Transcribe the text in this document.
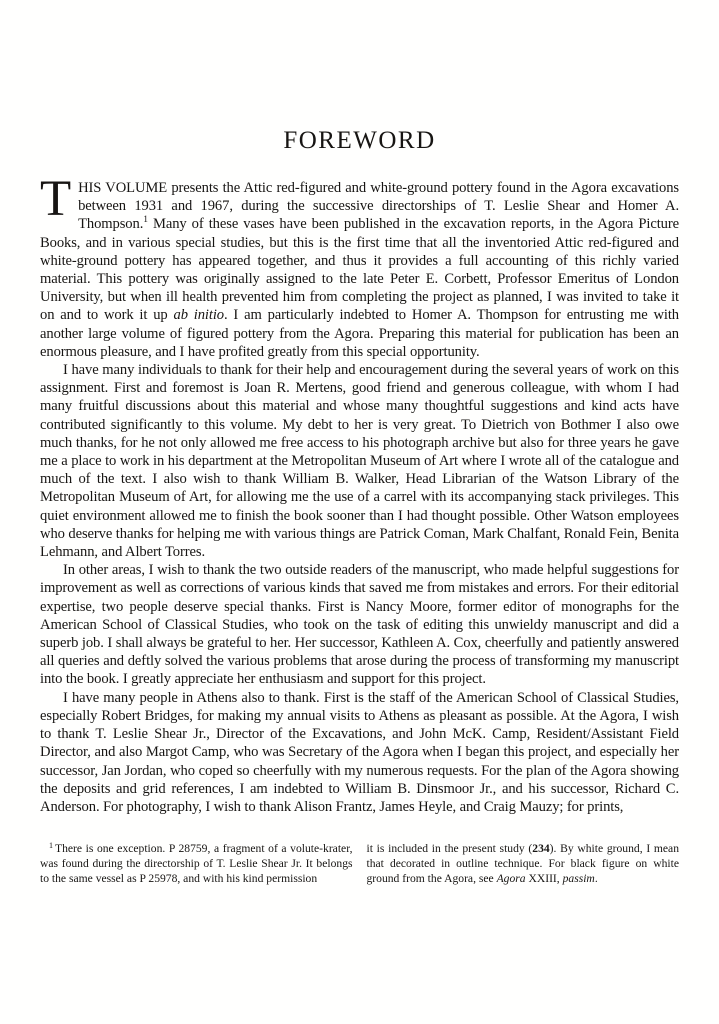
FOREWORD

THIS VOLUME presents the Attic red-figured and white-ground pottery found in the Agora excavations between 1931 and 1967, during the successive directorships of T. Leslie Shear and Homer A. Thompson.$^1$ Many of these vases have been published in the excavation reports, in the Agora Picture Books, and in various special studies, but this is the first time that all the inventoried Attic red-figured and white-ground pottery has appeared together, and thus it provides a full accounting of this richly varied material. This pottery was originally assigned to the late Peter E. Corbett, Professor Emeritus of London University, but when ill health prevented him from completing the project as planned, I was invited to take it on and to work it up ab initio. I am particularly indebted to Homer A. Thompson for entrusting me with another large volume of figured pottery from the Agora. Preparing this material for publication has been an enormous pleasure, and I have profited greatly from this special opportunity.

I have many individuals to thank for their help and encouragement during the several years of work on this assignment. First and foremost is Joan R. Mertens, good friend and generous colleague, with whom I had many fruitful discussions about this material and whose many thoughtful suggestions and kind acts have contributed significantly to this volume. My debt to her is very great. To Dietrich von Bothmer I also owe much thanks, for he not only allowed me free access to his photograph archive but also for three years he gave me a place to work in his department at the Metropolitan Museum of Art where I wrote all of the catalogue and much of the text. I also wish to thank William B. Walker, Head Librarian of the Watson Library of the Metropolitan Museum of Art, for allowing me the use of a carrel with its accompanying stack privileges. This quiet environment allowed me to finish the book sooner than I had thought possible. Other Watson employees who deserve thanks for helping me with various things are Patrick Coman, Mark Chalfant, Ronald Fein, Benita Lehmann, and Albert Torres.

In other areas, I wish to thank the two outside readers of the manuscript, who made helpful suggestions for improvement as well as corrections of various kinds that saved me from mistakes and errors. For their editorial expertise, two people deserve special thanks. First is Nancy Moore, former editor of monographs for the American School of Classical Studies, who took on the task of editing this unwieldy manuscript and did a superb job. I shall always be grateful to her. Her successor, Kathleen A. Cox, cheerfully and patiently answered all queries and deftly solved the various problems that arose during the process of transforming my manuscript into the book. I greatly appreciate her enthusiasm and support for this project.

I have many people in Athens also to thank. First is the staff of the American School of Classical Studies, especially Robert Bridges, for making my annual visits to Athens as pleasant as possible. At the Agora, I wish to thank T. Leslie Shear Jr., Director of the Excavations, and John McK. Camp, Resident/Assistant Field Director, and also Margot Camp, who was Secretary of the Agora when I began this project, and especially her successor, Jan Jordan, who coped so cheerfully with my numerous requests. For the plan of the Agora showing the deposits and grid references, I am indebted to William B. Dinsmoor Jr., and his successor, Richard C. Anderson. For photography, I wish to thank Alison Frantz, James Heyle, and Craig Mauzy; for prints,

$^1$ There is one exception. P 28759, a fragment of a volute-krater, was found during the directorship of T. Leslie Shear Jr. It belongs to the same vessel as P 25978, and with his kind permission

it is included in the present study (234). By white ground, I mean that decorated in outline technique. For black figure on white ground from the Agora, see Agora XXIII, passim.
